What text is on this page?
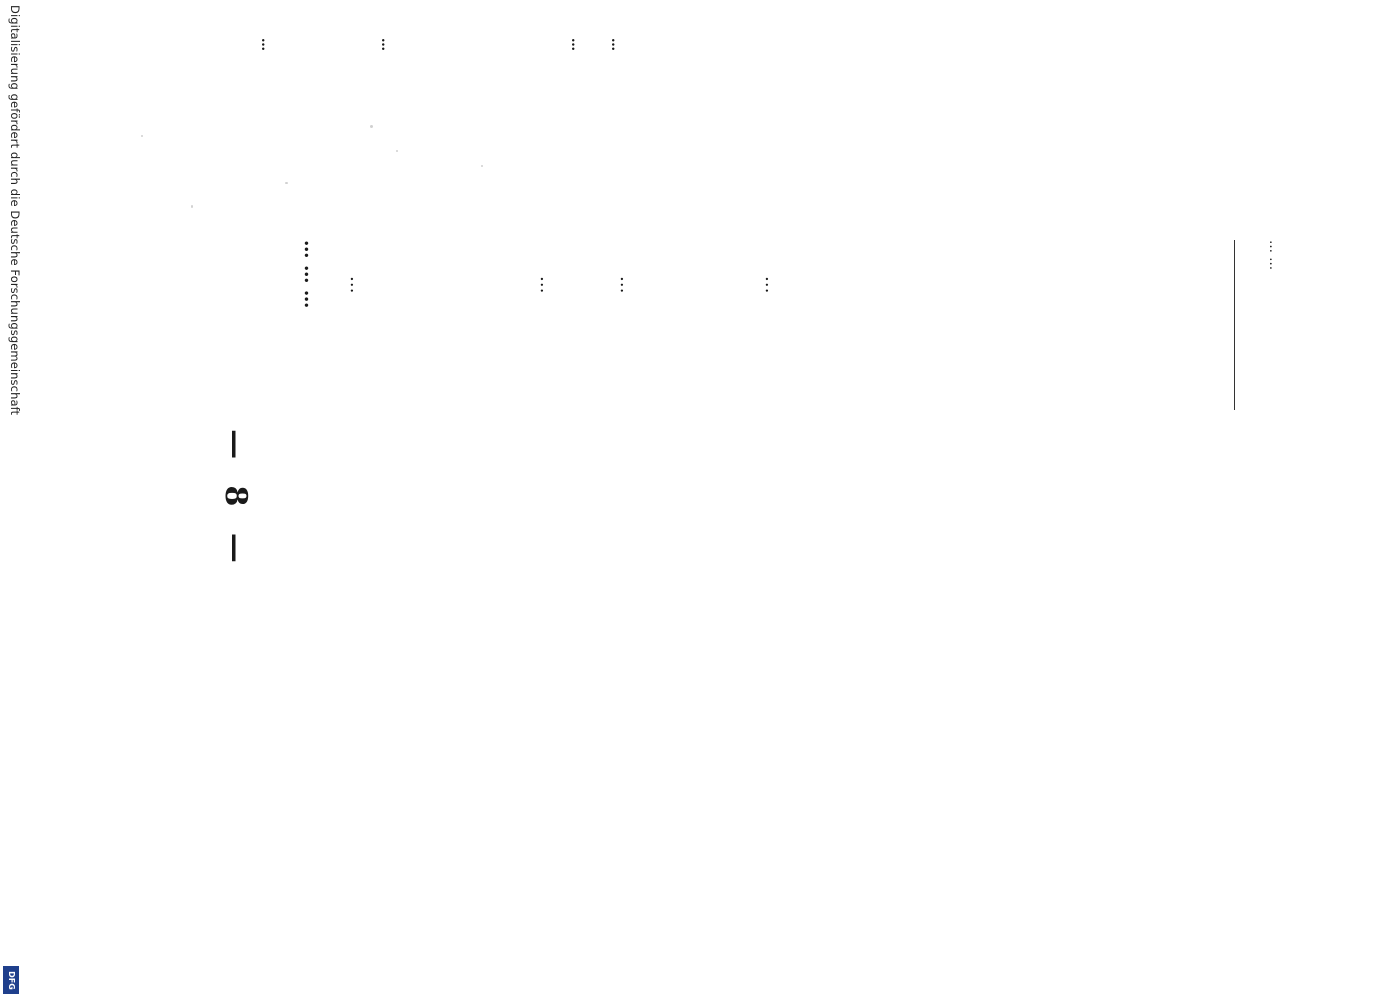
— 8 —

… … … …	…	…	…

…	…	… …

… …

Digitalisierung gefördert durch die Deutsche Forschungsgemeinschaft
DFG
